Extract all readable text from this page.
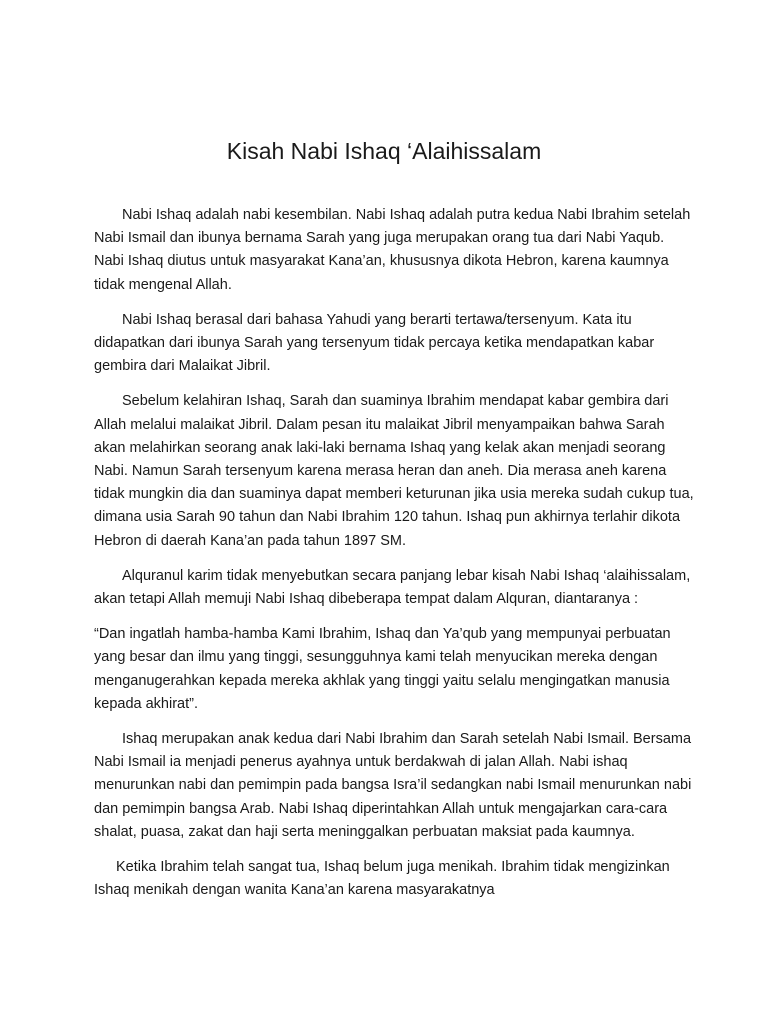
Kisah Nabi Ishaq ‘Alaihissalam

Nabi Ishaq adalah nabi kesembilan. Nabi Ishaq adalah putra kedua Nabi Ibrahim setelah Nabi Ismail dan ibunya bernama Sarah yang juga merupakan orang tua dari Nabi Yaqub. Nabi Ishaq diutus untuk masyarakat Kana’an, khususnya dikota Hebron, karena kaumnya tidak mengenal Allah.

Nabi Ishaq berasal dari bahasa Yahudi yang berarti tertawa/tersenyum. Kata itu didapatkan dari ibunya Sarah yang tersenyum tidak percaya ketika mendapatkan kabar gembira dari Malaikat Jibril.

Sebelum kelahiran Ishaq, Sarah dan suaminya Ibrahim mendapat kabar gembira dari Allah melalui malaikat Jibril. Dalam pesan itu malaikat Jibril menyampaikan bahwa Sarah akan melahirkan seorang anak laki-laki bernama Ishaq yang kelak akan menjadi seorang Nabi. Namun Sarah tersenyum karena merasa heran dan aneh. Dia merasa aneh karena tidak mungkin dia dan suaminya dapat memberi keturunan jika usia mereka sudah cukup tua, dimana usia Sarah 90 tahun dan Nabi Ibrahim 120 tahun. Ishaq pun akhirnya terlahir dikota Hebron di daerah Kana’an pada tahun 1897 SM.

Alquranul karim tidak menyebutkan secara panjang lebar kisah Nabi Ishaq ‘alaihissalam, akan tetapi Allah memuji Nabi Ishaq dibeberapa tempat dalam Alquran, diantaranya :

“Dan ingatlah hamba-hamba Kami Ibrahim, Ishaq dan Ya’qub yang mempunyai perbuatan yang besar dan ilmu yang tinggi, sesungguhnya kami telah menyucikan mereka dengan menganugerahkan kepada mereka akhlak yang tinggi yaitu selalu mengingatkan manusia kepada akhirat”.

Ishaq merupakan anak kedua dari Nabi Ibrahim dan Sarah setelah Nabi Ismail. Bersama Nabi Ismail ia menjadi penerus ayahnya untuk berdakwah di jalan Allah. Nabi ishaq menurunkan nabi dan pemimpin pada bangsa Isra’il sedangkan nabi Ismail menurunkan nabi dan pemimpin bangsa Arab. Nabi Ishaq diperintahkan Allah untuk mengajarkan cara-cara shalat, puasa, zakat dan haji serta meninggalkan perbuatan maksiat pada kaumnya.

Ketika Ibrahim telah sangat tua, Ishaq belum juga menikah. Ibrahim tidak mengizinkan Ishaq menikah dengan wanita Kana’an karena masyarakatnya
